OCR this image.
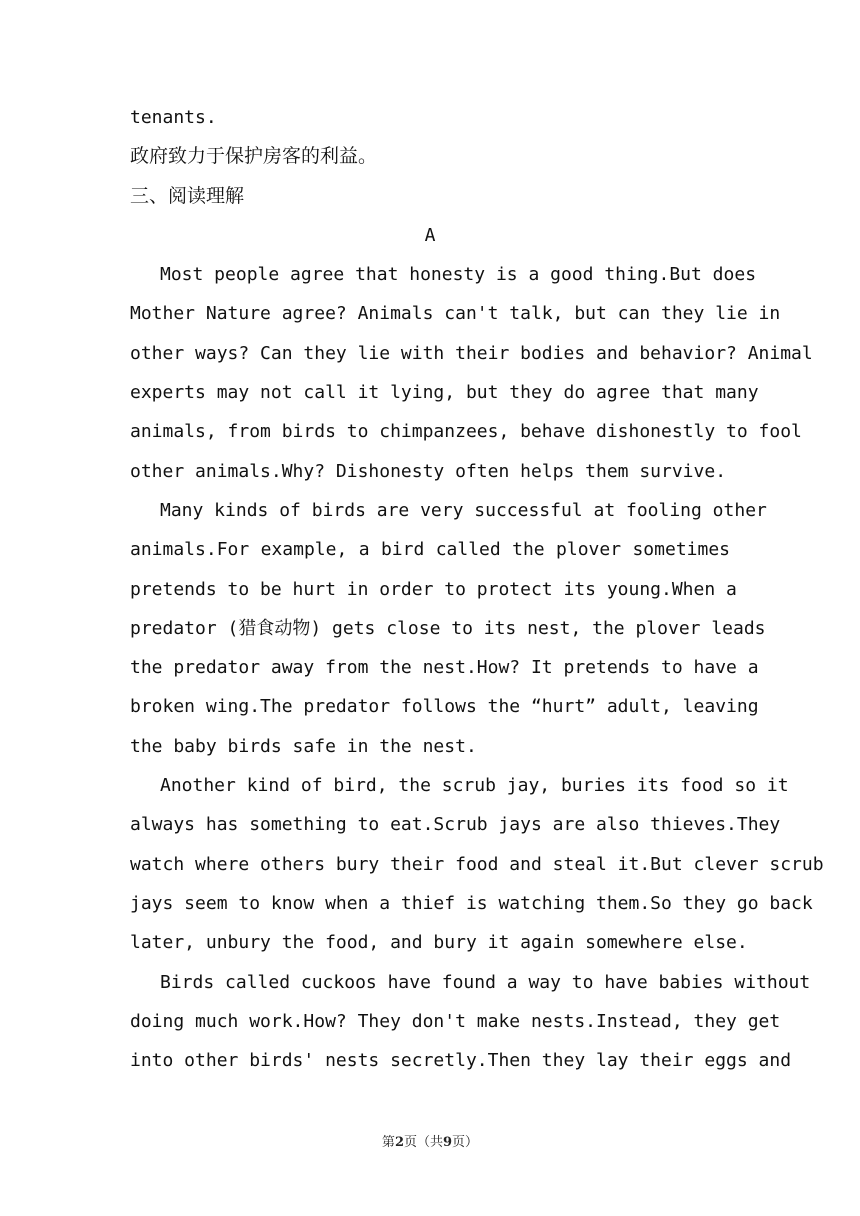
tenants.
政府致力于保护房客的利益。
三、阅读理解
A
Most people agree that honesty is a good thing.But does
Mother Nature agree? Animals can't talk, but can they lie in
other ways? Can they lie with their bodies and behavior? Animal
experts may not call it lying, but they do agree that many
animals, from birds to chimpanzees, behave dishonestly to fool
other animals.Why? Dishonesty often helps them survive.
Many kinds of birds are very successful at fooling other
animals.For example, a bird called the plover sometimes
pretends to be hurt in order to protect its young.When a
predator (猎食动物) gets close to its nest, the plover leads
the predator away from the nest.How? It pretends to have a
broken wing.The predator follows the “hurt” adult, leaving
the baby birds safe in the nest.
Another kind of bird, the scrub jay, buries its food so it
always has something to eat.Scrub jays are also thieves.They
watch where others bury their food and steal it.But clever scrub
jays seem to know when a thief is watching them.So they go back
later, unbury the food, and bury it again somewhere else.
Birds called cuckoos have found a way to have babies without
doing much work.How? They don't make nests.Instead, they get
into other birds' nests secretly.Then they lay their eggs and
第2页（共9页）
